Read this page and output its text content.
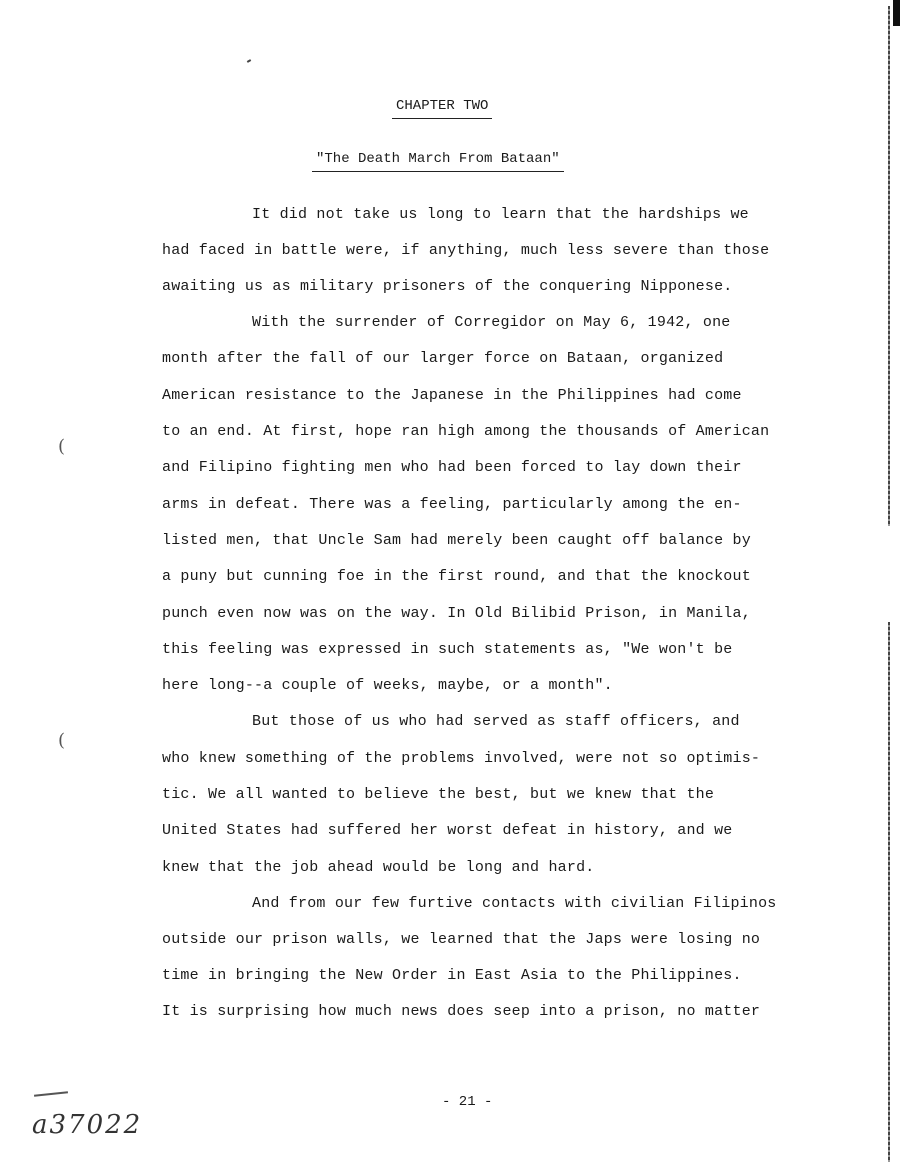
CHAPTER TWO
"The Death March From Bataan"
It did not take us long to learn that the hardships we
had faced in battle were, if anything, much less severe than those
awaiting us as military prisoners of the conquering Nipponese.
With the surrender of Corregidor on May 6, 1942, one
month after the fall of our larger force on Bataan, organized
American resistance to the Japanese in the Philippines had come
to an end. At first, hope ran high among the thousands of American
and Filipino fighting men who had been forced to lay down their
arms in defeat. There was a feeling, particularly among the en-
listed men, that Uncle Sam had merely been caught off balance by
a puny but cunning foe in the first round, and that the knockout
punch even now was on the way. In Old Bilibid Prison, in Manila,
this feeling was expressed in such statements as, "We won't be
here long--a couple of weeks, maybe, or a month".
But those of us who had served as staff officers, and
who knew something of the problems involved, were not so optimis-
tic. We all wanted to believe the best, but we knew that the
United States had suffered her worst defeat in history, and we
knew that the job ahead would be long and hard.
And from our few furtive contacts with civilian Filipinos
outside our prison walls, we learned that the Japs were losing no
time in bringing the New Order in East Asia to the Philippines.
It is surprising how much news does seep into a prison, no matter
- 21 -
a37022
(
(
